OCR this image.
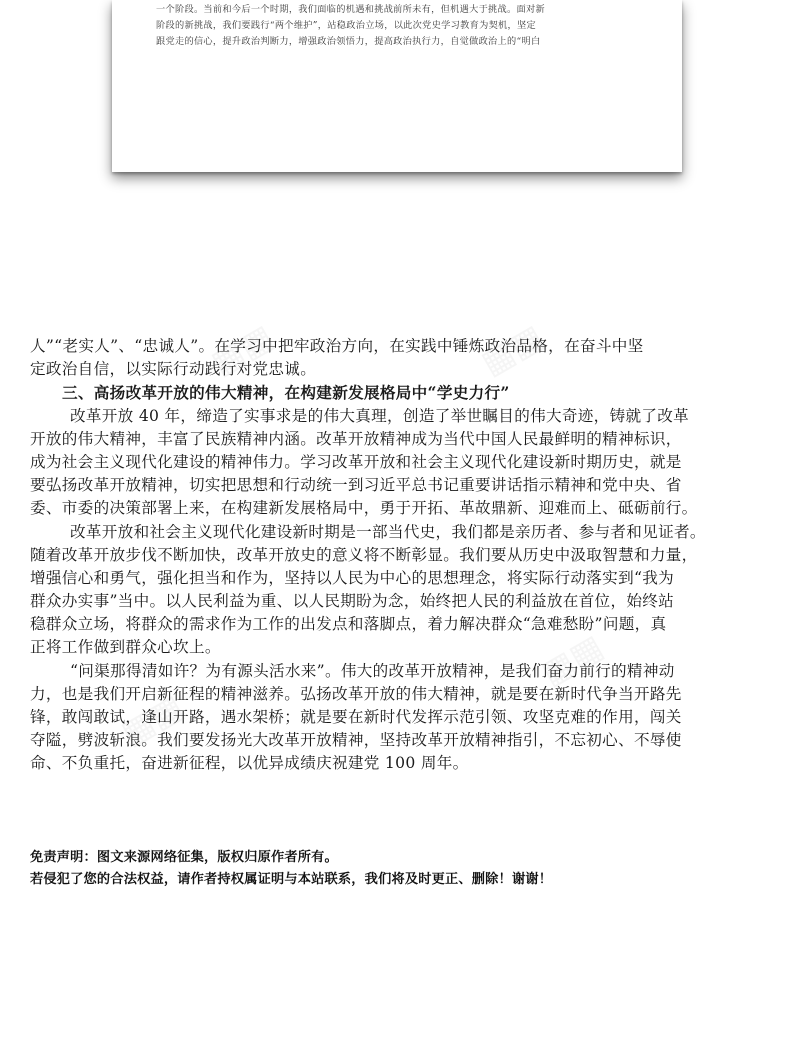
一个阶段。当前和今后一个时期，我们面临的机遇和挑战前所未有，但机遇大于挑战。面对新
阶段的新挑战，我们要践行“两个维护”，站稳政治立场，以此次党史学习教育为契机，坚定
跟党走的信心，提升政治判断力，增强政治领悟力，提高政治执行力，自觉做政治上的“明白
▦▦	▦▦
▦▦
▦▦
人”“老实人”、“忠诚人”。在学习中把牢政治方向，在实践中锤炼政治品格，在奋斗中坚
定政治自信，以实际行动践行对党忠诚。
三、高扬改革开放的伟大精神，在构建新发展格局中“学史力行”
改革开放 40 年，缔造了实事求是的伟大真理，创造了举世瞩目的伟大奇迹，铸就了改革
开放的伟大精神，丰富了民族精神内涵。改革开放精神成为当代中国人民最鲜明的精神标识，
成为社会主义现代化建设的精神伟力。学习改革开放和社会主义现代化建设新时期历史，就是
要弘扬改革开放精神，切实把思想和行动统一到习近平总书记重要讲话指示精神和党中央、省
委、市委的决策部署上来，在构建新发展格局中，勇于开拓、革故鼎新、迎难而上、砥砺前行。
改革开放和社会主义现代化建设新时期是一部当代史，我们都是亲历者、参与者和见证者。
随着改革开放步伐不断加快，改革开放史的意义将不断彰显。我们要从历史中汲取智慧和力量，
增强信心和勇气，强化担当和作为，坚持以人民为中心的思想理念，将实际行动落实到“我为
群众办实事”当中。以人民利益为重、以人民期盼为念，始终把人民的利益放在首位，始终站
稳群众立场，将群众的需求作为工作的出发点和落脚点，着力解决群众“急难愁盼”问题，真
正将工作做到群众心坎上。
“问渠那得清如许？为有源头活水来”。伟大的改革开放精神，是我们奋力前行的精神动
力，也是我们开启新征程的精神滋养。弘扬改革开放的伟大精神，就是要在新时代争当开路先
锋，敢闯敢试，逢山开路，遇水架桥；就是要在新时代发挥示范引领、攻坚克难的作用，闯关
夺隘，劈波斩浪。我们要发扬光大改革开放精神，坚持改革开放精神指引，不忘初心、不辱使
命、不负重托，奋进新征程，以优异成绩庆祝建党 100 周年。
免责声明：图文来源网络征集，版权归原作者所有。
若侵犯了您的合法权益，请作者持权属证明与本站联系，我们将及时更正、删除！谢谢！
